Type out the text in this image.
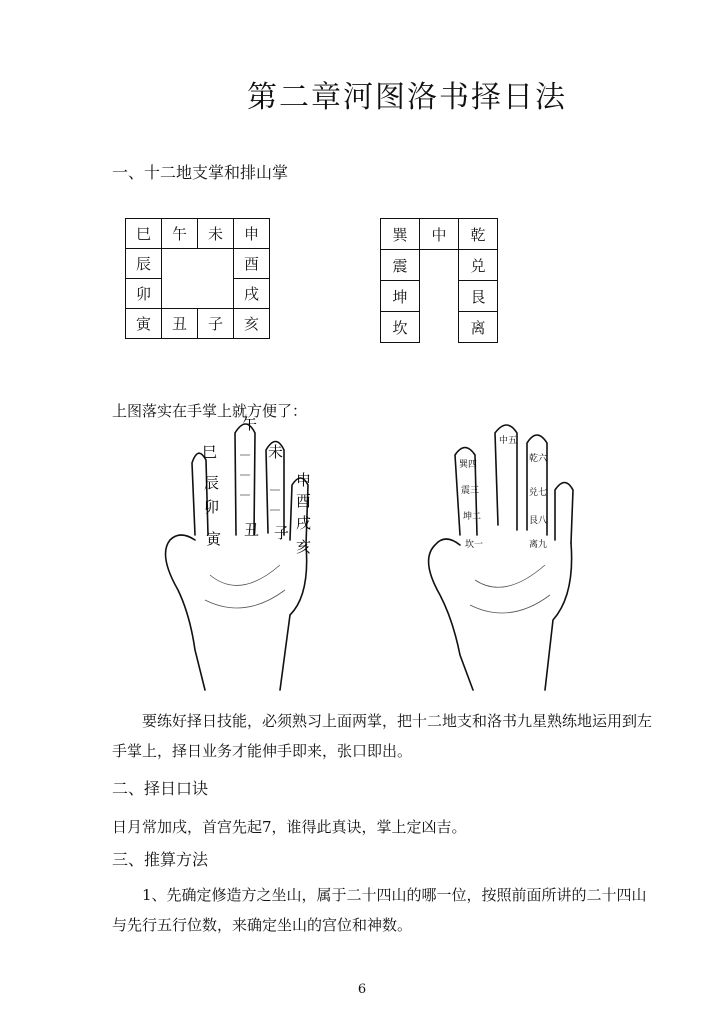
第二章河图洛书择日法
一、十二地支掌和排山掌
巳	午	未	申
辰			酉
卯			戌
寅	丑	子	亥
巽	中	乾
震		兑
坤		艮
坎		离
上图落实在手掌上就方便了：
巳
午
未
申
辰
酉
卯
戌
寅 丑 子
亥
中五
巽四
震三
坤二
坎一
乾六
兑七
艮八
离九
要练好择日技能，必须熟习上面两掌，把十二地支和洛书九星熟练地运用到左手掌上，择日业务才能伸手即来，张口即出。
二、择日口诀
日月常加戌，首宫先起7，谁得此真诀，掌上定凶吉。
三、推算方法
1、先确定修造方之坐山，属于二十四山的哪一位，按照前面所讲的二十四山与先行五行位数，来确定坐山的宫位和神数。
6
